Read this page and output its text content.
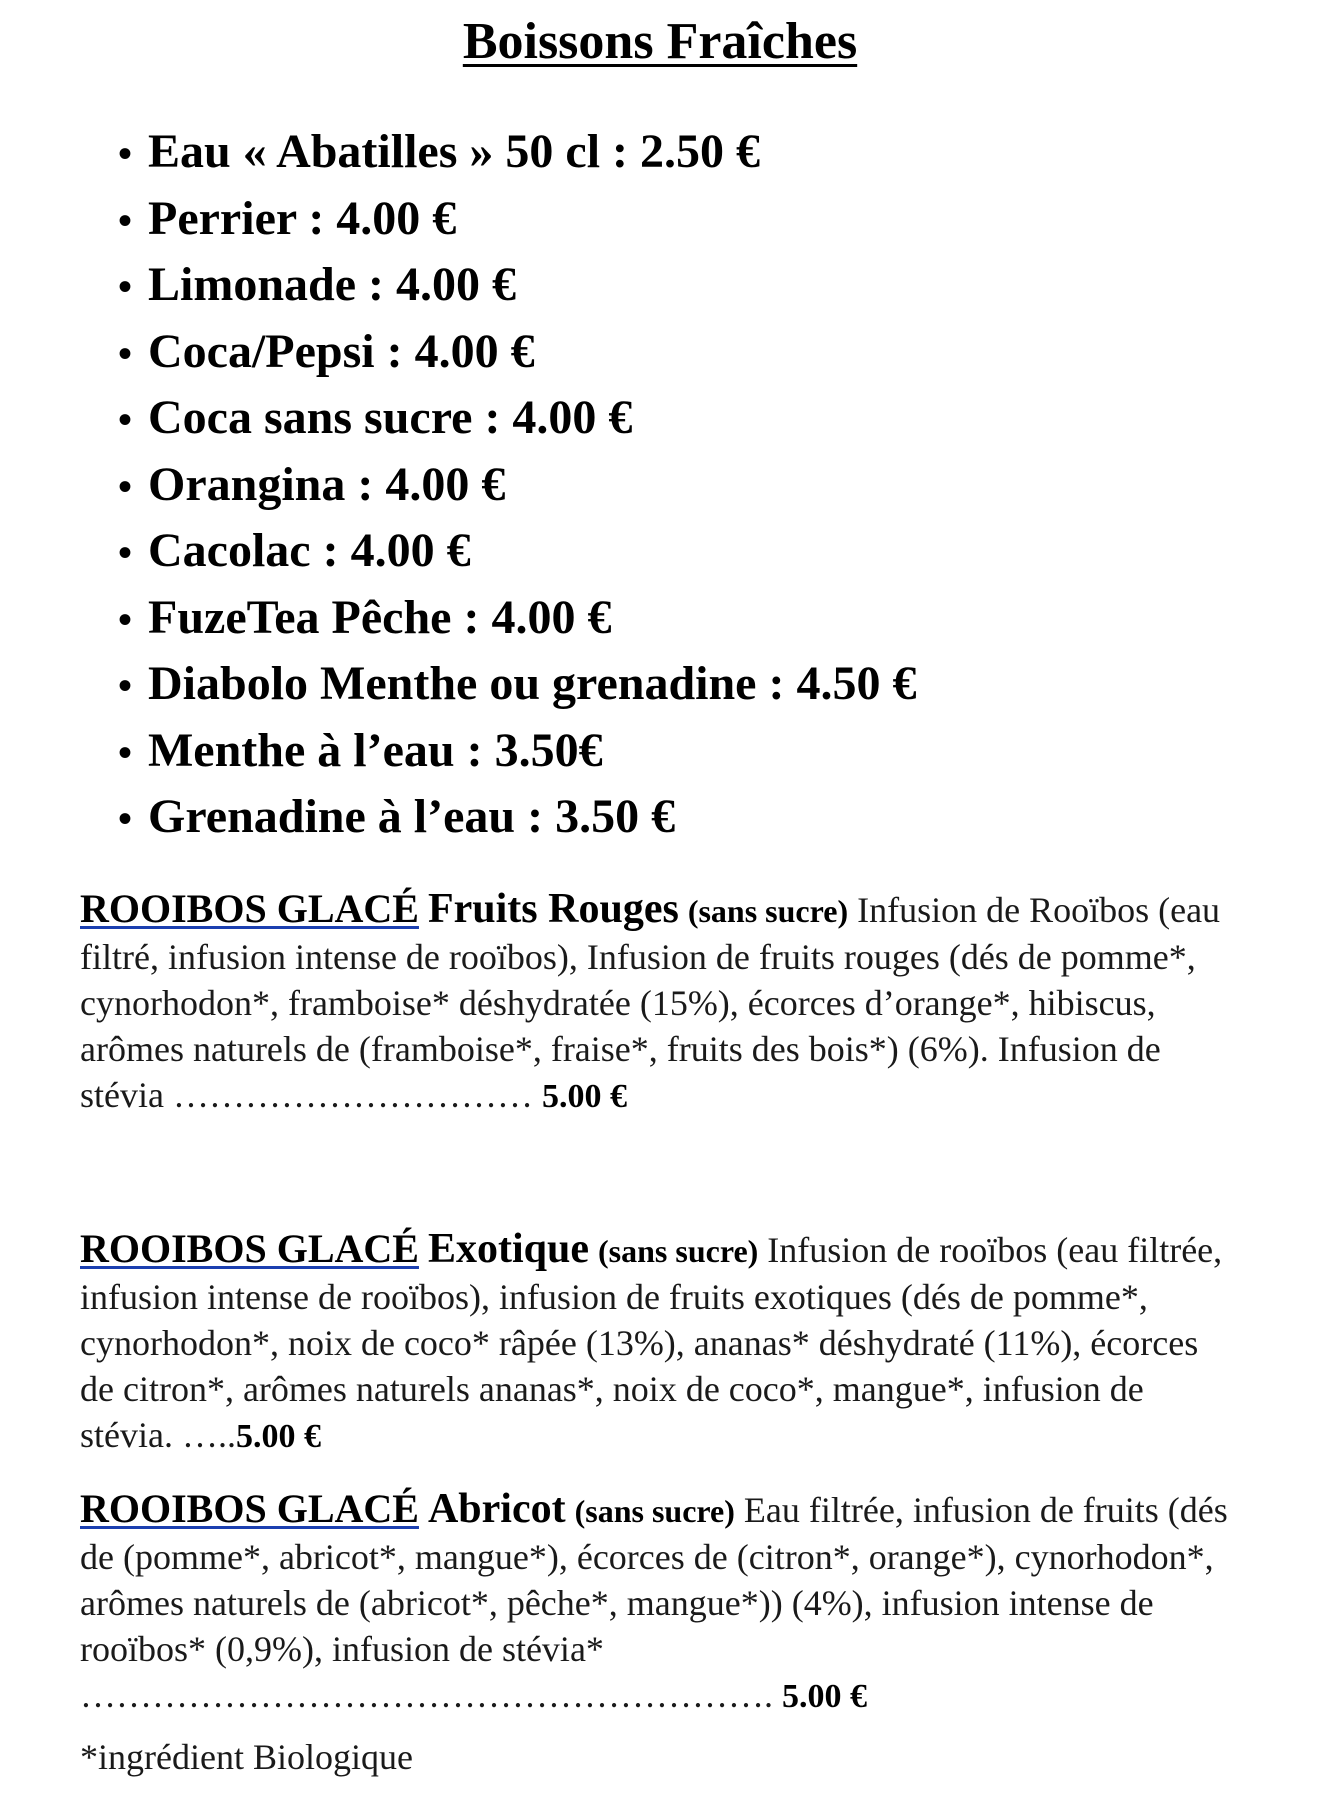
Boissons Fraîches
• Eau « Abatilles » 50 cl : 2.50 €
• Perrier : 4.00 €
• Limonade : 4.00 €
• Coca/Pepsi : 4.00 €
• Coca sans sucre : 4.00 €
• Orangina : 4.00 €
• Cacolac : 4.00 €
• FuzeTea Pêche : 4.00 €
• Diabolo Menthe ou grenadine : 4.50 €
• Menthe à l’eau : 3.50€
• Grenadine à l’eau : 3.50 €
ROOIBOS GLACÉ Fruits Rouges (sans sucre) Infusion de Rooïbos (eau filtré, infusion intense de rooïbos), Infusion de fruits rouges (dés de pomme*, cynorhodon*, framboise* déshydratée (15%), écorces d’orange*, hibiscus, arômes naturels de (framboise*, fraise*, fruits des bois*) (6%). Infusion de stévia ………………………… 5.00 €
ROOIBOS GLACÉ Exotique (sans sucre) Infusion de rooïbos (eau filtrée, infusion intense de rooïbos), infusion de fruits exotiques (dés de pomme*, cynorhodon*, noix de coco* râpée (13%), ananas* déshydraté (11%), écorces de citron*, arômes naturels ananas*, noix de coco*, mangue*, infusion de stévia. …..5.00 €
ROOIBOS GLACÉ Abricot (sans sucre) Eau filtrée, infusion de fruits (dés de (pomme*, abricot*, mangue*), écorces de (citron*, orange*), cynorhodon*, arômes naturels de (abricot*, pêche*, mangue*)) (4%), infusion intense de rooïbos* (0,9%), infusion de stévia* …………………………………………………. 5.00 €
*ingrédient Biologique
